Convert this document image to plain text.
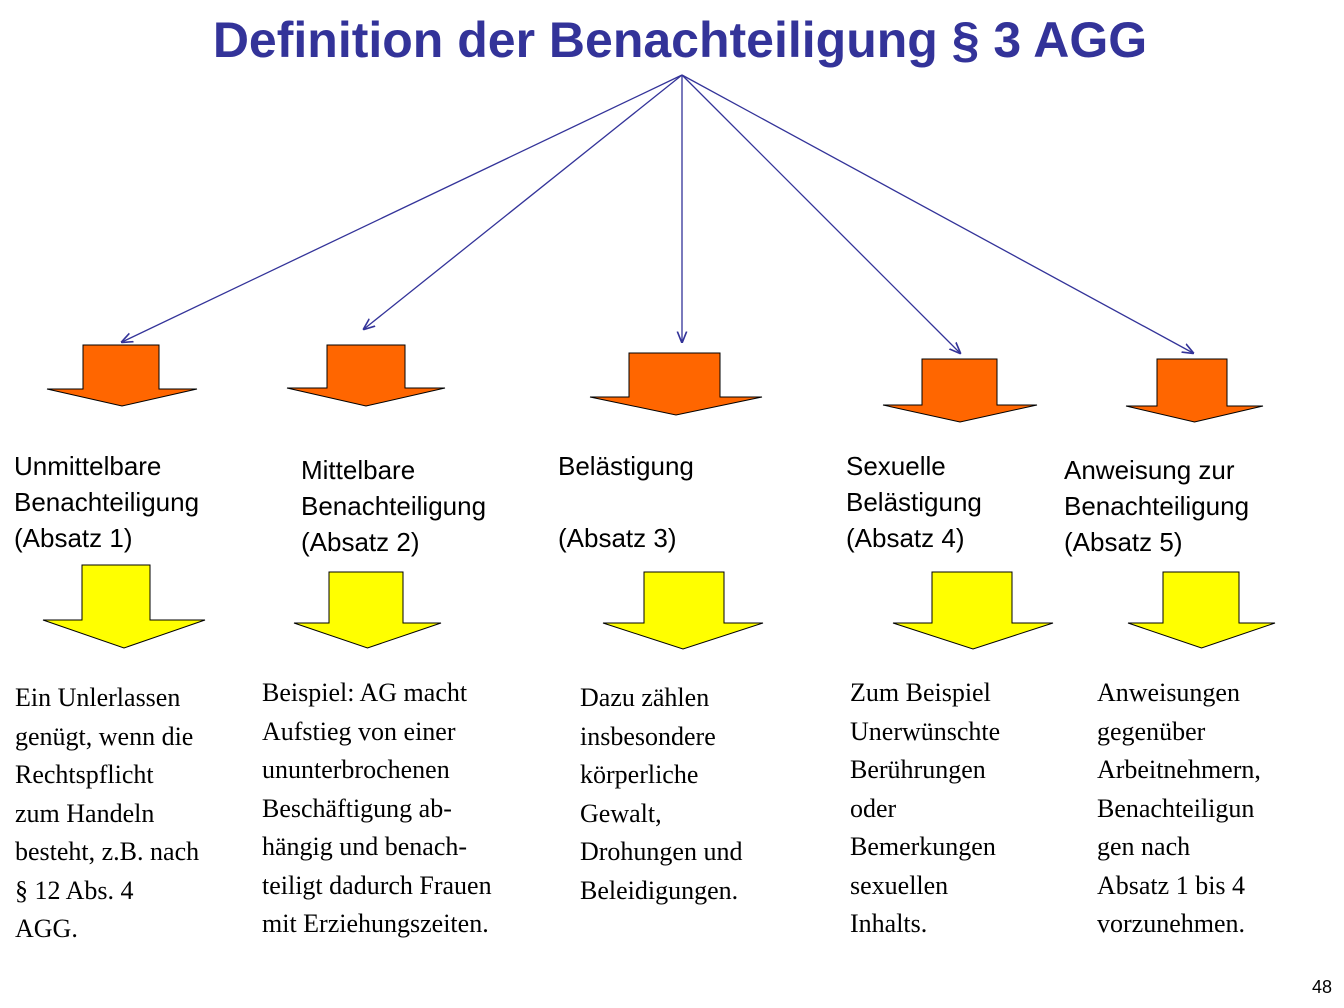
Definition der Benachteiligung § 3 AGG
Unmittelbare
Benachteiligung
(Absatz 1)
Mittelbare
Benachteiligung
(Absatz 2)
Belästigung

(Absatz 3)
Sexuelle
Belästigung
(Absatz 4)
Anweisung zur
Benachteiligung
(Absatz 5)
Ein Unlerlassen
genügt, wenn die
Rechtspflicht
zum Handeln
besteht, z.B. nach
§ 12 Abs. 4
AGG.
Beispiel: AG macht
Aufstieg von einer
ununterbrochenen
Beschäftigung ab-
hängig und benach-
teiligt dadurch Frauen
mit Erziehungszeiten.
Dazu zählen
insbesondere
körperliche
Gewalt,
Drohungen und
Beleidigungen.
Zum Beispiel
Unerwünschte
Berührungen
oder
Bemerkungen
sexuellen
Inhalts.
Anweisungen
gegenüber
Arbeitnehmern,
Benachteiligun
gen nach
Absatz 1 bis 4
vorzunehmen.
48
